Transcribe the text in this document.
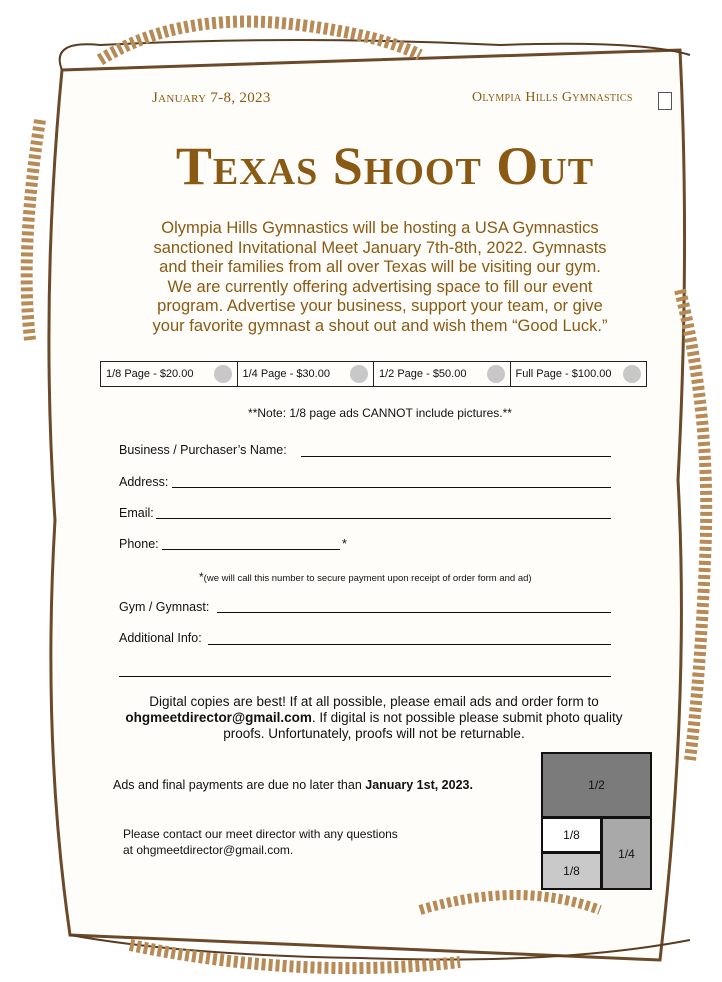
January 7-8, 2023	Olympia Hills Gymnastics
Texas Shoot Out
Olympia Hills Gymnastics will be hosting a USA Gymnastics
sanctioned Invitational Meet January 7th-8th, 2022. Gymnasts
and their families from all over Texas will be visiting our gym.
We are currently offering advertising space to fill our event
program. Advertise your business, support your team, or give
your favorite gymnast a shout out and wish them “Good Luck.”
1/8 Page - $20.00	1/4 Page - $30.00	1/2 Page - $50.00	Full Page - $100.00
**Note: 1/8 page ads CANNOT include pictures.**
Business / Purchaser’s Name:
Address:
Email:
Phone:	*
*(we will call this number to secure payment upon receipt of order form and ad)
Gym / Gymnast:
Additional Info:
Digital copies are best! If at all possible, please email ads and order form to
ohgmeetdirector@gmail.com. If digital is not possible please submit photo quality
proofs. Unfortunately, proofs will not be returnable.
Ads and final payments are due no later than January 1st, 2023.
Please contact our meet director with any questions
at ohgmeetdirector@gmail.com.
1/2
1/8
1/8
1/4
